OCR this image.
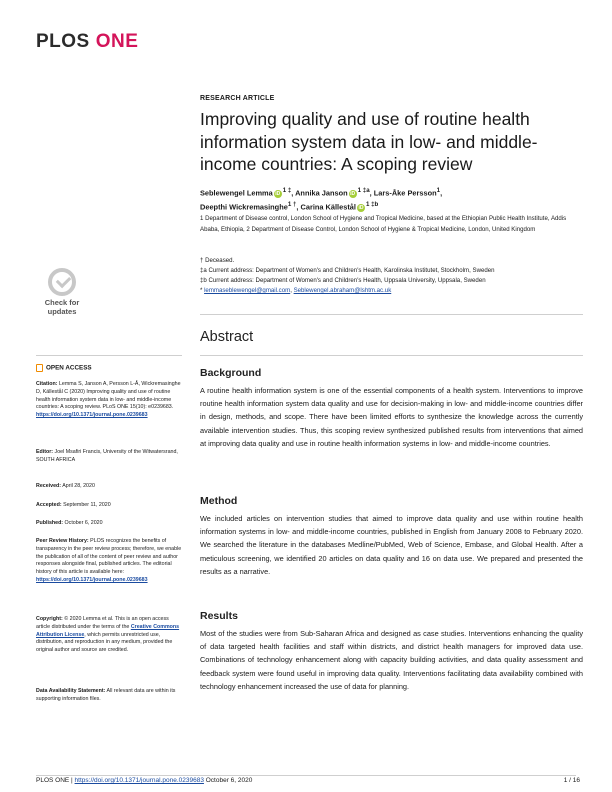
PLOS ONE
RESEARCH ARTICLE
Improving quality and use of routine health information system data in low- and middle-income countries: A scoping review
Seblewengel Lemma iD $^{1 \ddagger}$, Annika Janson iD $^{1 \ddagger a}$, Lars-Åke Persson$^1$,
Deepthi Wickremasinghe$^{1 \dagger}$, Carina Källestål iD $^{1 \ddagger b}$
1 Department of Disease control, London School of Hygiene and Tropical Medicine, based at the Ethiopian Public Health Institute, Addis Ababa, Ethiopia, 2 Department of Disease Control, London School of Hygiene & Tropical Medicine, London, United Kingdom
† Deceased.
‡a Current address: Department of Women's and Children's Health, Karolinska Institutet, Stockholm, Sweden
‡b Current address: Department of Women's and Children's Health, Uppsala University, Uppsala, Sweden
* lemmaseblewengel@gmail.com, Seblewengel.abraham@lshtm.ac.uk
Check for updates
Abstract
OPEN ACCESS
Citation: Lemma S, Janson A, Persson L-Å, Wickremasinghe D, Källestål C (2020) Improving quality and use of routine health information system data in low- and middle-income countries: A scoping review. PLoS ONE 15(10): e0239683. https://doi.org/10.1371/journal.pone.0239683
Editor: Joel Msafiri Francis, University of the Witwatersrand, SOUTH AFRICA
Received: April 28, 2020
Accepted: September 11, 2020
Published: October 6, 2020
Peer Review History: PLOS recognizes the benefits of transparency in the peer review process; therefore, we enable the publication of all of the content of peer review and author responses alongside final, published articles. The editorial history of this article is available here: https://doi.org/10.1371/journal.pone.0239683
Copyright: © 2020 Lemma et al. This is an open access article distributed under the terms of the Creative Commons Attribution License, which permits unrestricted use, distribution, and reproduction in any medium, provided the original author and source are credited.
Data Availability Statement: All relevant data are within its supporting information files.
Background
A routine health information system is one of the essential components of a health system. Interventions to improve routine health information system data quality and use for decision-making in low- and middle-income countries differ in design, methods, and scope. There have been limited efforts to synthesize the knowledge across the currently available intervention studies. Thus, this scoping review synthesized published results from interventions that aimed at improving data quality and use in routine health information systems in low- and middle-income countries.
Method
We included articles on intervention studies that aimed to improve data quality and use within routine health information systems in low- and middle-income countries, published in English from January 2008 to February 2020. We searched the literature in the databases Medline/PubMed, Web of Science, Embase, and Global Health. After a meticulous screening, we identified 20 articles on data quality and 16 on data use. We prepared and presented the results as a narrative.
Results
Most of the studies were from Sub-Saharan Africa and designed as case studies. Interventions enhancing the quality of data targeted health facilities and staff within districts, and district health managers for improved data use. Combinations of technology enhancement along with capacity building activities, and data quality assessment and feedback system were found useful in improving data quality. Interventions facilitating data availability combined with technology enhancement increased the use of data for planning.
PLOS ONE | https://doi.org/10.1371/journal.pone.0239683 October 6, 2020	1 / 16
